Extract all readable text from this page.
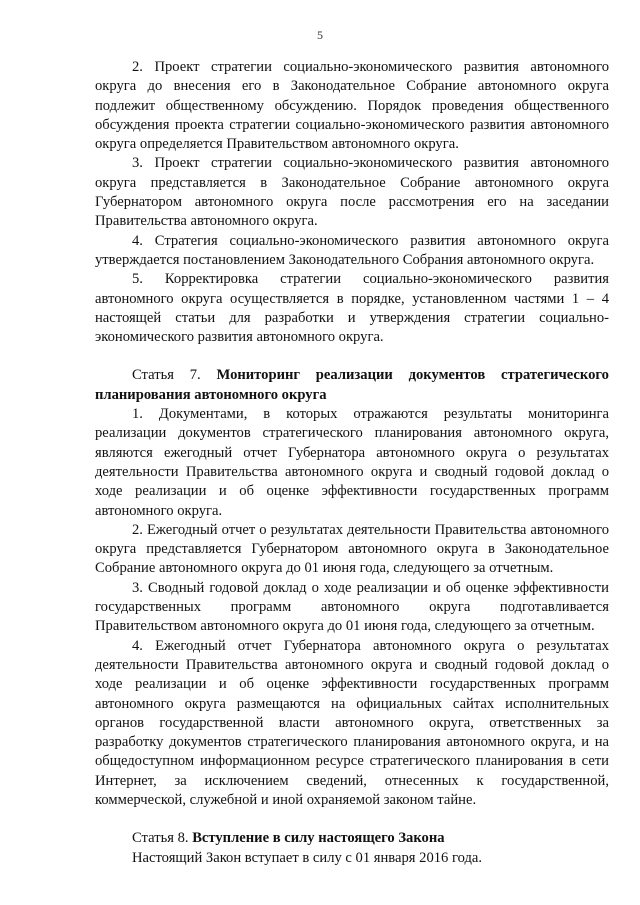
5

2. Проект стратегии социально-экономического развития автономного округа до внесения его в Законодательное Собрание автономного округа подлежит общественному обсуждению. Порядок проведения общественного обсуждения проекта стратегии социально-экономического развития автономного округа определяется Правительством автономного округа.

3. Проект стратегии социально-экономического развития автономного округа представляется в Законодательное Собрание автономного округа Губернатором автономного округа после рассмотрения его на заседании Правительства автономного округа.

4. Стратегия социально-экономического развития автономного округа утверждается постановлением Законодательного Собрания автономного округа.

5. Корректировка стратегии социально-экономического развития автономного округа осуществляется в порядке, установленном частями 1 – 4 настоящей статьи для разработки и утверждения стратегии социально-экономического развития автономного округа.

Статья 7. Мониторинг реализации документов стратегического планирования автономного округа

1. Документами, в которых отражаются результаты мониторинга реализации документов стратегического планирования автономного округа, являются ежегодный отчет Губернатора автономного округа о результатах деятельности Правительства автономного округа и сводный годовой доклад о ходе реализации и об оценке эффективности государственных программ автономного округа.

2. Ежегодный отчет о результатах деятельности Правительства автономного округа представляется Губернатором автономного округа в Законодательное Собрание автономного округа до 01 июня года, следующего за отчетным.

3. Сводный годовой доклад о ходе реализации и об оценке эффективности государственных программ автономного округа подготавливается Правительством автономного округа до 01 июня года, следующего за отчетным.

4. Ежегодный отчет Губернатора автономного округа о результатах деятельности Правительства автономного округа и сводный годовой доклад о ходе реализации и об оценке эффективности государственных программ автономного округа размещаются на официальных сайтах исполнительных органов государственной власти автономного округа, ответственных за разработку документов стратегического планирования автономного округа, и на общедоступном информационном ресурсе стратегического планирования в сети Интернет, за исключением сведений, отнесенных к государственной, коммерческой, служебной и иной охраняемой законом тайне.

Статья 8. Вступление в силу настоящего Закона

Настоящий Закон вступает в силу с 01 января 2016 года.
